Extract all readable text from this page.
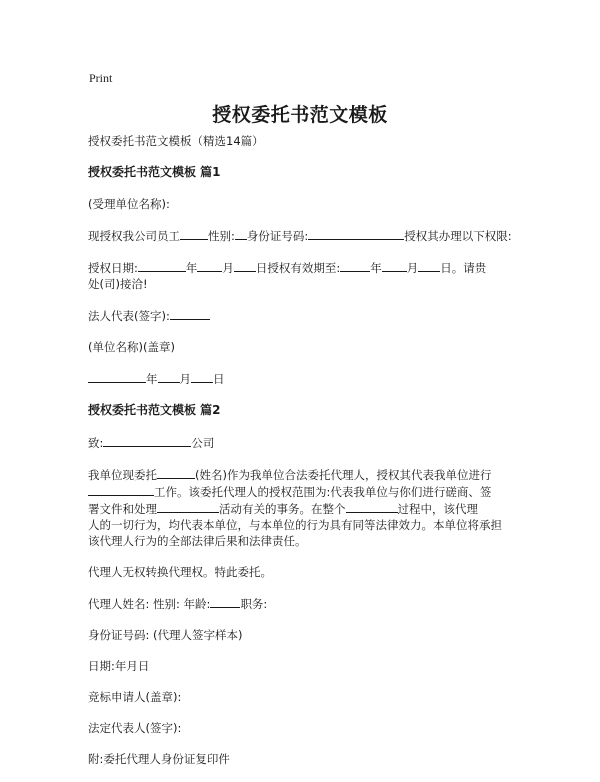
Print
授权委托书范文模板

授权委托书范文模板（精选14篇）

授权委托书范文模板 篇1

(受理单位名称):

现授权我公司员工 性别: 身份证号码:	授权其办理以下权限:

授权日期:	年 月 日授权有效期至:	年 月 日。请贵
处(司)接洽!

法人代表(签字):

(单位名称)(盖章)

年 月 日

授权委托书范文模板 篇2

致:	公司

我单位现委托	(姓名)作为我单位合法委托代理人，授权其代表我单位进行
工作。该委托代理人的授权范围为:代表我单位与你们进行磋商、签
署文件和处理	活动有关的事务。在整个	过程中，该代理
人的一切行为，均代表本单位，与本单位的行为具有同等法律效力。本单位将承担
该代理人行为的全部法律后果和法律责任。

代理人无权转换代理权。特此委托。

代理人姓名: 性别: 年龄:	职务:

身份证号码: (代理人签字样本)

日期:年月日

竞标申请人(盖章):

法定代表人(签字):

附:委托代理人身份证复印件
